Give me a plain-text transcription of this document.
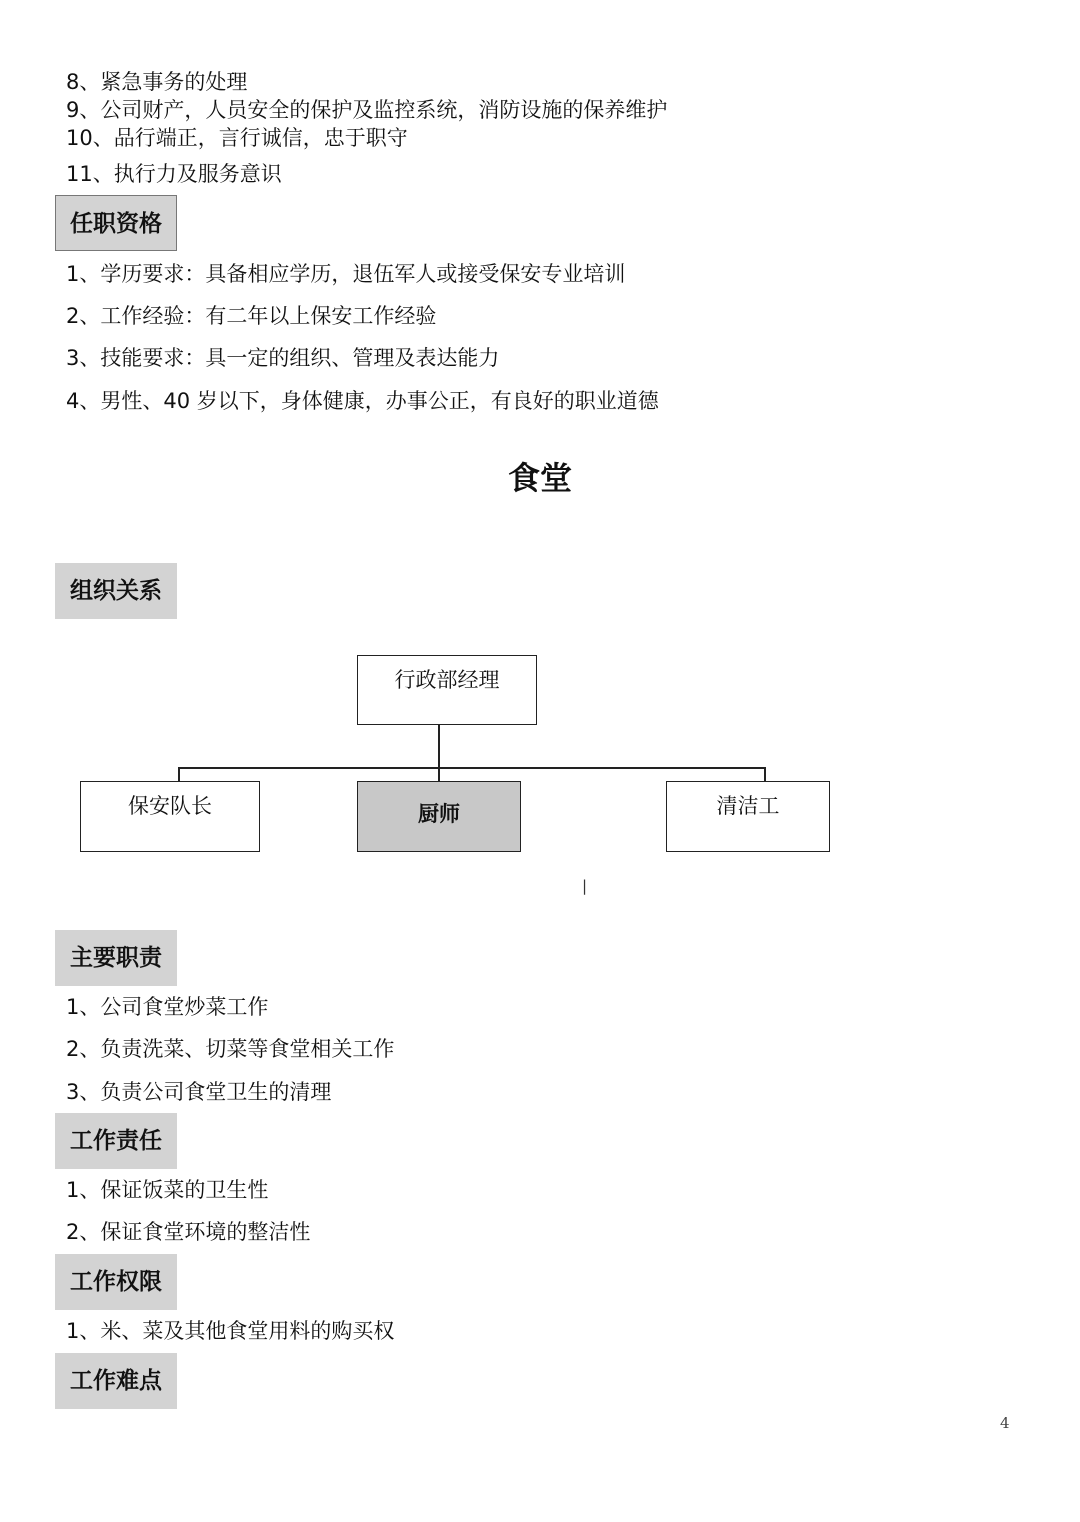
8、紧急事务的处理
9、公司财产，人员安全的保护及监控系统，消防设施的保养维护
10、品行端正，言行诚信，忠于职守
11、执行力及服务意识
任职资格
1、学历要求：具备相应学历，退伍军人或接受保安专业培训
2、工作经验：有二年以上保安工作经验
3、技能要求：具一定的组织、管理及表达能力
4、男性、40 岁以下，身体健康，办事公正，有良好的职业道德
食堂
组织关系
行政部经理
保安队长	厨师	清洁工
|
主要职责
1、公司食堂炒菜工作
2、负责洗菜、切菜等食堂相关工作
3、负责公司食堂卫生的清理
工作责任
1、保证饭菜的卫生性
2、保证食堂环境的整洁性
工作权限
1、米、菜及其他食堂用料的购买权
工作难点
4
